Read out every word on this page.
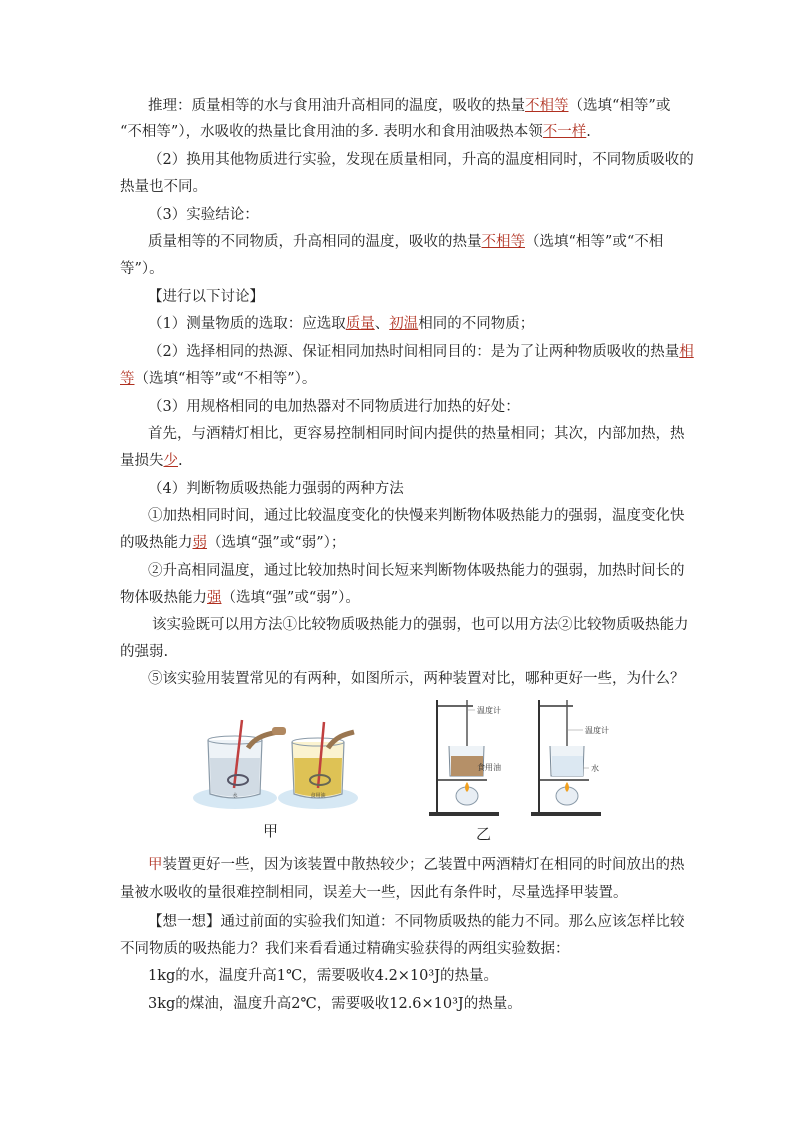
推理：质量相等的水与食用油升高相同的温度，吸收的热量不相等（选填“相等”或
“不相等”），水吸收的热量比食用油的多. 表明水和食用油吸热本领不一样.
（2）换用其他物质进行实验，发现在质量相同，升高的温度相同时，不同物质吸收的
热量也不同。
（3）实验结论：
质量相等的不同物质，升高相同的温度，吸收的热量不相等（选填“相等”或“不相
等”）。
【进行以下讨论】
（1）测量物质的选取：应选取质量、初温相同的不同物质；
（2）选择相同的热源、保证相同加热时间相同目的：是为了让两种物质吸收的热量相
等（选填“相等”或“不相等”）。
（3）用规格相同的电加热器对不同物质进行加热的好处：
首先，与酒精灯相比，更容易控制相同时间内提供的热量相同；其次，内部加热，热
量损失少.
（4）判断物质吸热能力强弱的两种方法
①加热相同时间，通过比较温度变化的快慢来判断物体吸热能力的强弱，温度变化快
的吸热能力弱（选填“强”或“弱”）；
②升高相同温度，通过比较加热时间长短来判断物体吸热能力的强弱，加热时间长的
物体吸热能力强（选填“强”或“弱”）。
该实验既可以用方法①比较物质吸热能力的强弱，也可以用方法②比较物质吸热能力
的强弱.
⑤该实验用装置常见的有两种，如图所示，两种装置对比，哪种更好一些，为什么？
水	食用油
温度计
食用油
温度计
水
甲	乙
甲装置更好一些，因为该装置中散热较少；乙装置中两酒精灯在相同的时间放出的热
量被水吸收的量很难控制相同，误差大一些，因此有条件时，尽量选择甲装置。
【想一想】通过前面的实验我们知道：不同物质吸热的能力不同。那么应该怎样比较
不同物质的吸热能力？我们来看看通过精确实验获得的两组实验数据：
1kg的水，温度升高1℃，需要吸收4.2×10³J的热量。
3kg的煤油，温度升高2℃，需要吸收12.6×10³J的热量。
